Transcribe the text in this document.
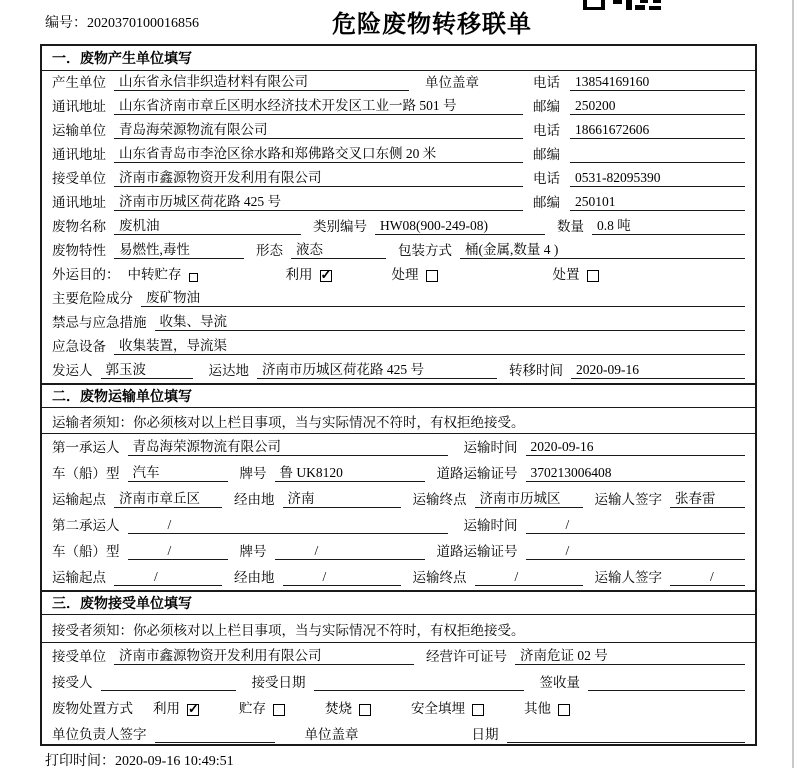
编号：2020370100016856	危险废物转移联单
一．废物产生单位填写
产生单位 山东省永信非织造材料有限公司	单位盖章	电话	13854169160
通讯地址 山东省济南市章丘区明水经济技术开发区工业一路 501 号	邮编	250200
运输单位 青岛海荣源物流有限公司	电话	18661672606
通讯地址 山东省青岛市李沧区徐水路和郑佛路交叉口东侧 20 米	邮编
接受单位 济南市鑫源物资开发利用有限公司	电话	0531-82095390
通讯地址 济南市历城区荷花路 425 号	邮编	250101
废物名称 废机油	类别编号 HW08(900-249-08)	数量 0.8 吨
废物特性 易燃性,毒性	形态 液态	包装方式 桶(金属,数量 4 )
外运目的： 中转贮存	利用 ✓	处理	处置
主要危险成分 废矿物油
禁忌与应急措施 收集、导流
应急设备 收集装置，导流渠
发运人 郭玉波	运达地 济南市历城区荷花路 425 号	转移时间 2020-09-16
二．废物运输单位填写
运输者须知：你必须核对以上栏目事项，当与实际情况不符时，有权拒绝接受。
第一承运人 青岛海荣源物流有限公司	运输时间 2020-09-16
车（船）型 汽车	牌号 鲁 UK8120	道路运输证号 370213006408
运输起点 济南市章丘区	经由地 济南	运输终点 济南市历城区	运输人签字 张春雷
第二承运人	/	运输时间	/
车（船）型	/	牌号	/	道路运输证号	/
运输起点	/	经由地	/	运输终点	/	运输人签字	/
三．废物接受单位填写
接受者须知：你必须核对以上栏目事项，当与实际情况不符时，有权拒绝接受。
接受单位 济南市鑫源物资开发利用有限公司	经营许可证号 济南危证 02 号
接受人	接受日期	签收量
废物处置方式 利用 ✓	贮存	焚烧	安全填埋	其他
单位负责人签字	单位盖章	日期
打印时间：2020-09-16 10:49:51
